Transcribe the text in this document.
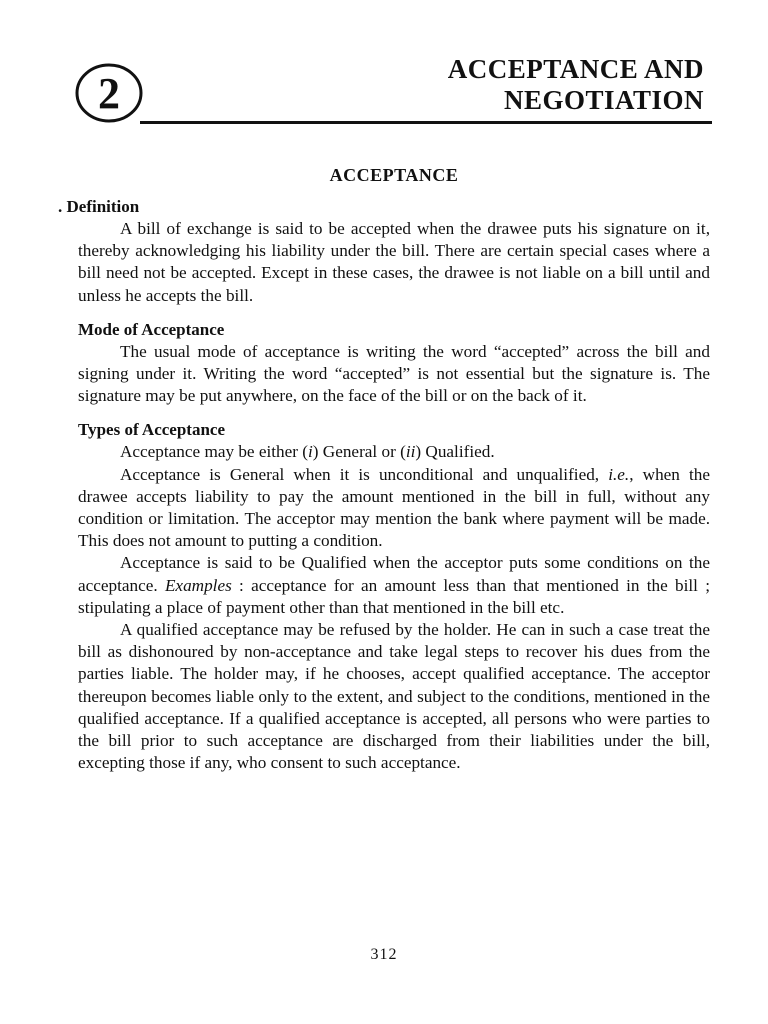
2	ACCEPTANCE AND
NEGOTIATION
ACCEPTANCE
. Definition

A bill of exchange is said to be accepted when the drawee puts his signature on it, thereby acknowledging his liability under the bill. There are certain special cases where a bill need not be accepted. Except in these cases, the drawee is not liable on a bill until and unless he accepts the bill.

Mode of Acceptance

The usual mode of acceptance is writing the word “accepted” across the bill and signing under it. Writing the word “accepted” is not essential but the signature is. The signature may be put anywhere, on the face of the bill or on the back of it.

Types of Acceptance

Acceptance may be either (i) General or (ii) Qualified.

Acceptance is General when it is unconditional and unqualified, i.e., when the drawee accepts liability to pay the amount mentioned in the bill in full, without any condition or limitation. The acceptor may mention the bank where payment will be made. This does not amount to putting a condition.

Acceptance is said to be Qualified when the acceptor puts some conditions on the acceptance. Examples : acceptance for an amount less than that mentioned in the bill ; stipulating a place of payment other than that mentioned in the bill etc.

A qualified acceptance may be refused by the holder. He can in such a case treat the bill as dishonoured by non-acceptance and take legal steps to recover his dues from the parties liable. The holder may, if he chooses, accept qualified acceptance. The acceptor thereupon becomes liable only to the extent, and subject to the conditions, mentioned in the qualified acceptance. If a qualified acceptance is accepted, all persons who were parties to the bill prior to such acceptance are discharged from their liabilities under the bill, excepting those if any, who consent to such acceptance.

312
